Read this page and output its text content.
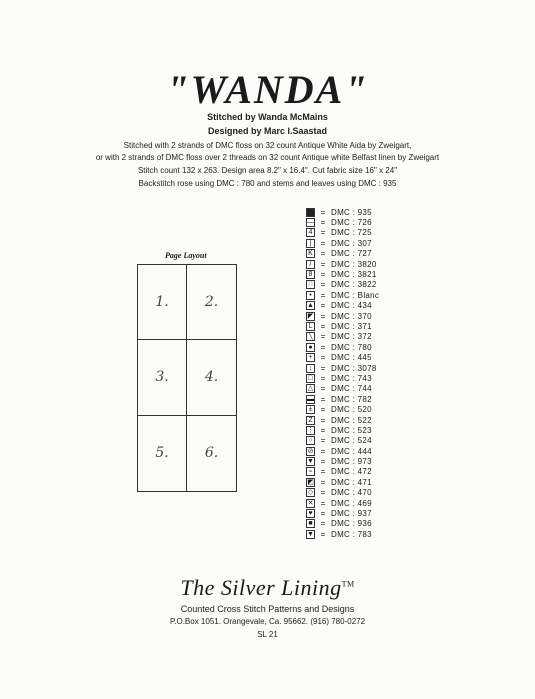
"WANDA"
Stitched by Wanda McMains
Designed by Marc I.Saastad
Stitched with 2 strands of DMC floss on 32 count Antique White Aida by Zweigart,
or with 2 strands of DMC floss over 2 threads on 32 count Antique white Belfast linen by Zweigart
Stitch count 132 x 263. Design area 8.2" x 16.4". Cut fabric size 16" x 24"
Backstitch rose using DMC : 780 and stems and leaves using DMC : 935
Page Layout
1.	2.
3.	4.
5.	6.
= DMC : 935
— = DMC : 726
4	= DMC : 725
|	= DMC : 307
K = DMC : 727
/	= DMC : 3820
8	= DMC : 3821
∷ = DMC : 3822
•	= DMC : Blanc
▲ = DMC : 434
◤ = DMC : 370
L	= DMC : 371
╲	= DMC : 372
●	= DMC : 780
+	= DMC : 445
↓	= DMC : 3078
□	= DMC : 743
△ = DMC : 744
▬ = DMC : 782
±	= DMC : 520
Z	= DMC : 522
⋮ = DMC : 523
○	= DMC : 524
⊘ = DMC : 444
▼ = DMC : 973
∘ = DMC : 472
◩ = DMC : 471
◇ = DMC : 470
✕ = DMC : 469
♥	= DMC : 937
■	= DMC : 936
▼ = DMC : 783
The Silver Lining™
Counted Cross Stitch Patterns and Designs
P.O.Box 1051. Orangevale, Ca. 95662. (916) 780-0272
SL 21
